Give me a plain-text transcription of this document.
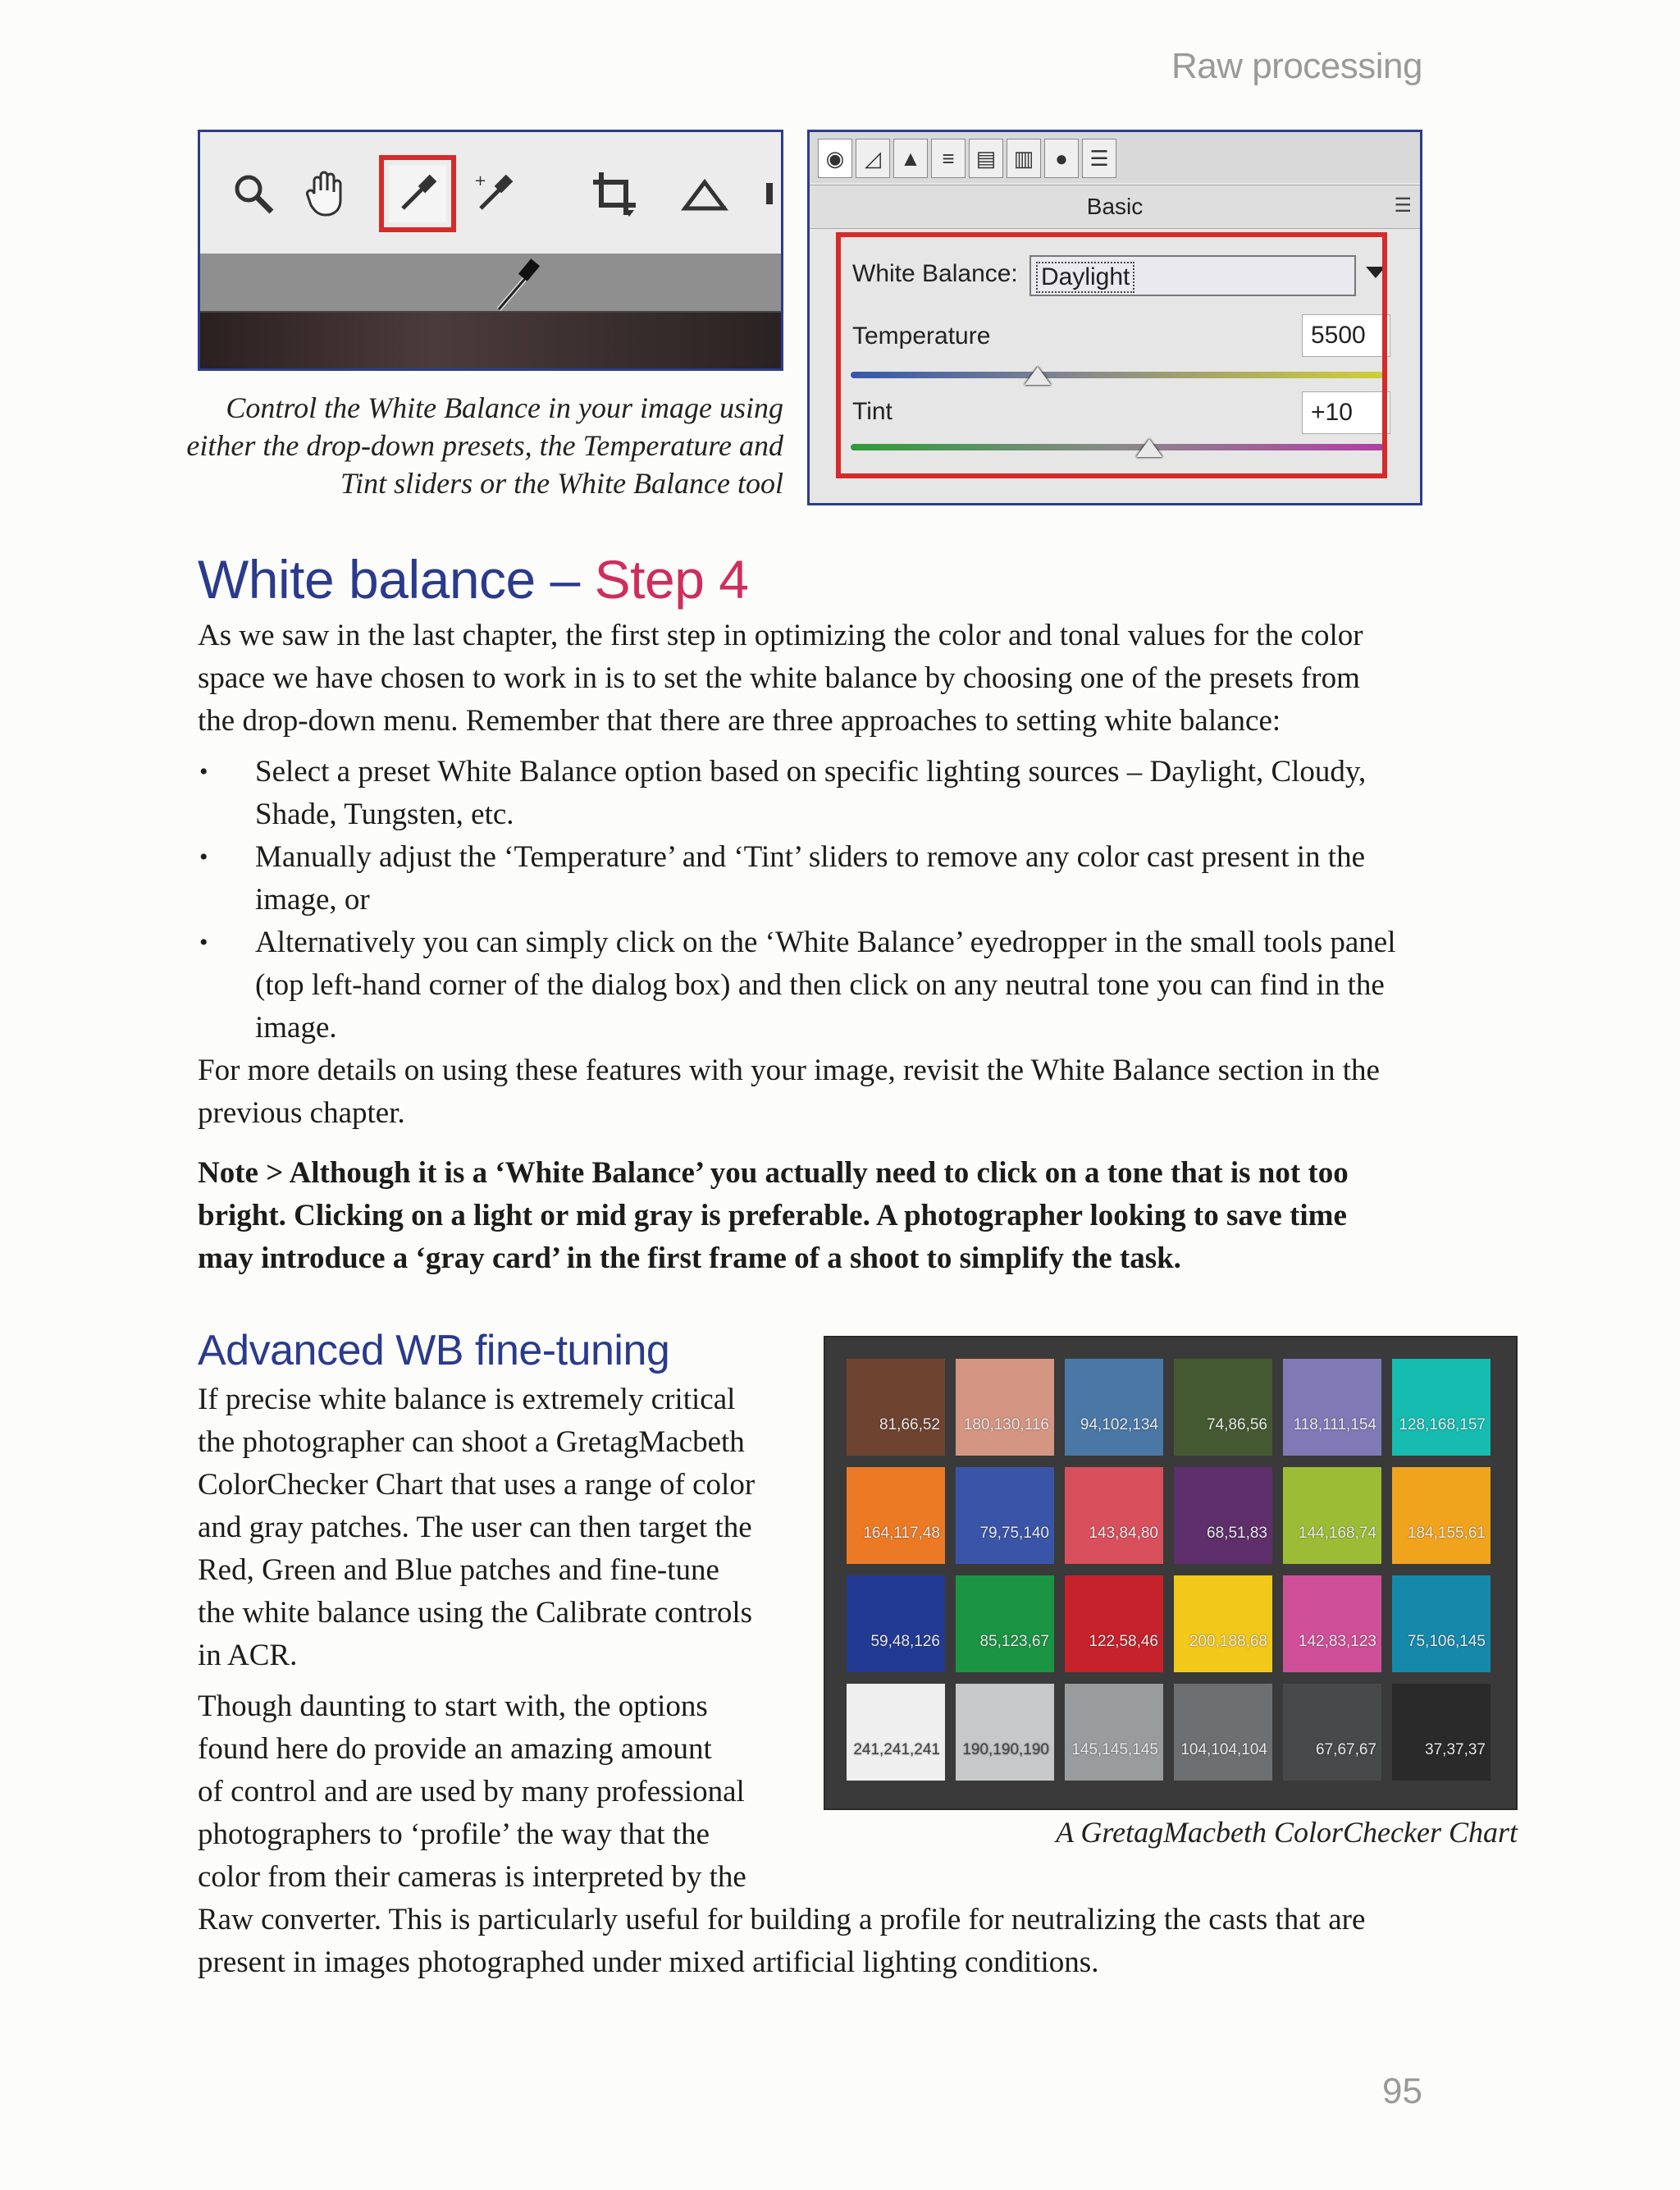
Raw processing
+
Control the White Balance in your image using either the drop-down presets, the Temperature and Tint sliders or the White Balance tool
◉ ◿ ▲ ≡	▤ ▥ ●	☰
Basic	☰
White Balance: Daylight
Temperature	5500
Tint	+10
White balance – Step 4
As we saw in the last chapter, the first step in optimizing the color and tonal values for the color
space we have chosen to work in is to set the white balance by choosing one of the presets from
the drop-down menu. Remember that there are three approaches to setting white balance:
• Select a preset White Balance option based on specific lighting sources – Daylight, Cloudy,
Shade, Tungsten, etc.
• Manually adjust the ‘Temperature’ and ‘Tint’ sliders to remove any color cast present in the
image, or
• Alternatively you can simply click on the ‘White Balance’ eyedropper in the small tools panel
(top left-hand corner of the dialog box) and then click on any neutral tone you can find in the
image.
For more details on using these features with your image, revisit the White Balance section in the
previous chapter.
Note > Although it is a ‘White Balance’ you actually need to click on a tone that is not too
bright. Clicking on a light or mid gray is preferable. A photographer looking to save time
may introduce a ‘gray card’ in the first frame of a shoot to simplify the task.
Advanced WB fine-tuning
If precise white balance is extremely critical
the photographer can shoot a GretagMacbeth
ColorChecker Chart that uses a range of color
and gray patches. The user can then target the
Red, Green and Blue patches and fine-tune
the white balance using the Calibrate controls
in ACR.
Though daunting to start with, the options
found here do provide an amazing amount
of control and are used by many professional
photographers to ‘profile’ the way that the
color from their cameras is interpreted by the
Raw converter. This is particularly useful for building a profile for neutralizing the casts that are
present in images photographed under mixed artificial lighting conditions.
81,66,52	180,130,116	94,102,134	74,86,56	118,111,154	128,168,157
164,117,48	79,75,140	143,84,80	68,51,83	144,168,74	184,155,61
59,48,126	85,123,67	122,58,46	200,188,68	142,83,123	75,106,145
241,241,241	190,190,190	145,145,145	104,104,104	67,67,67	37,37,37
A GretagMacbeth ColorChecker Chart
95
